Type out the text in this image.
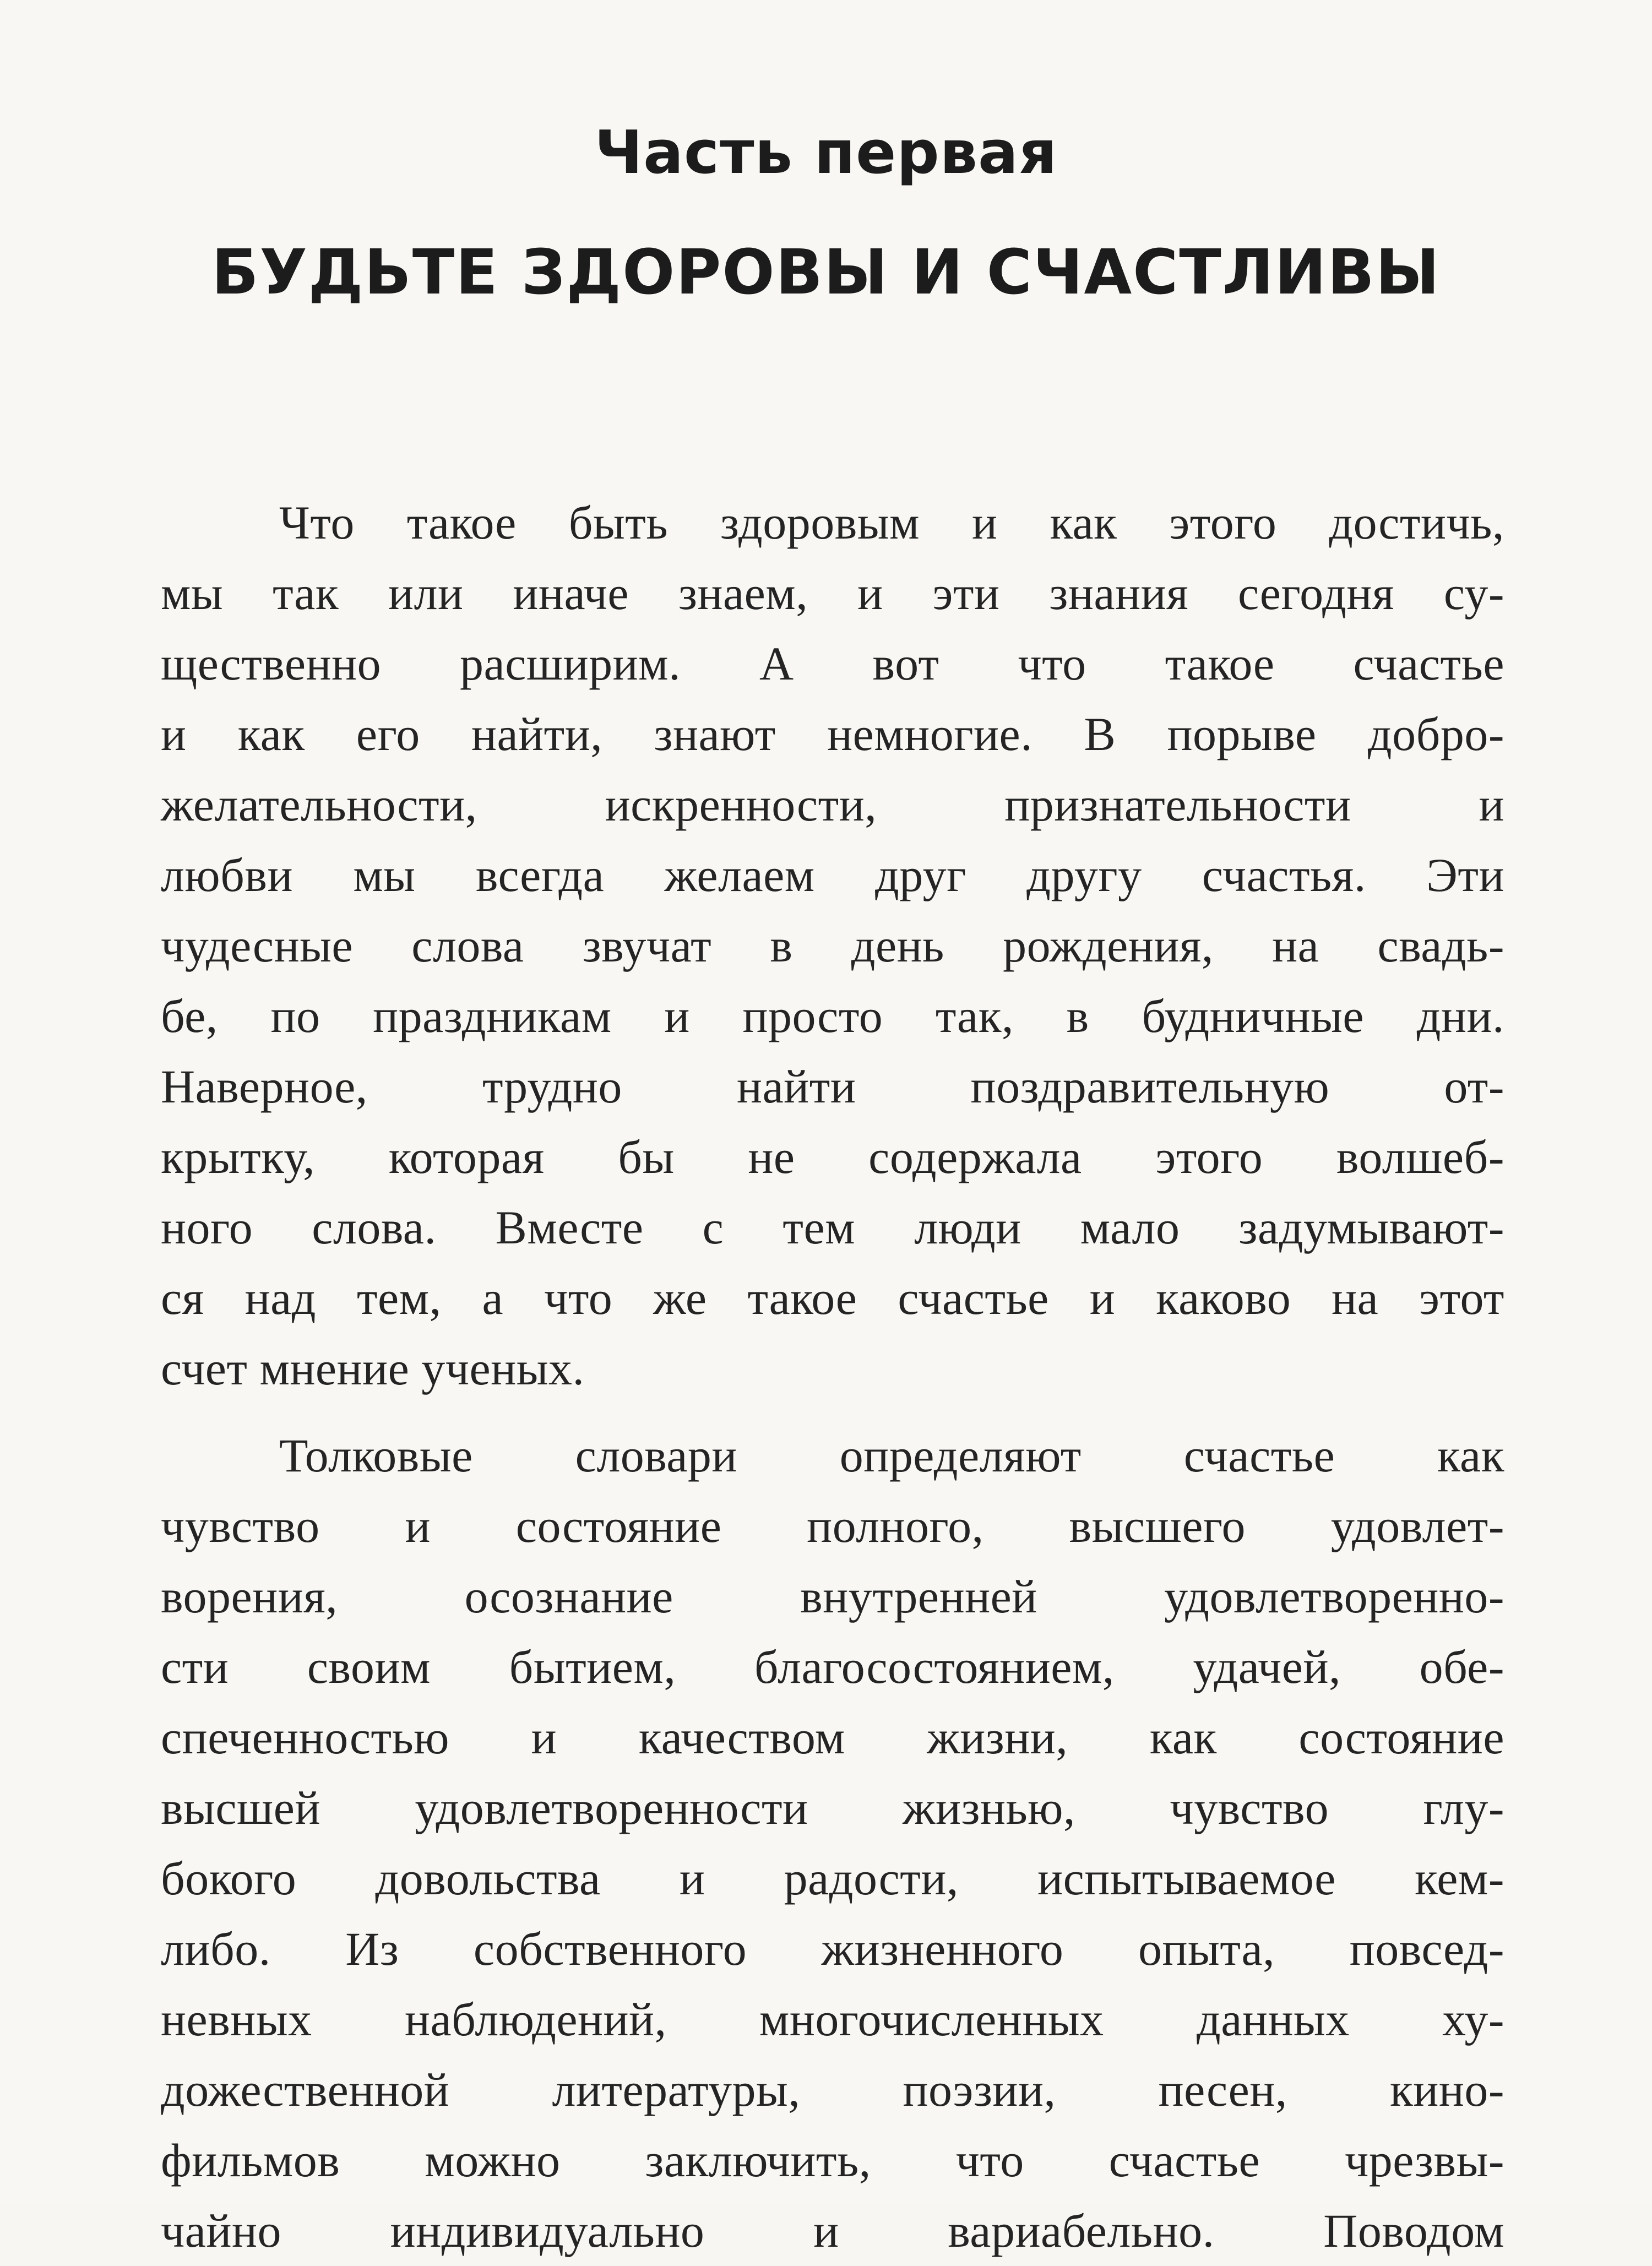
Часть первая
БУДЬТЕ ЗДОРОВЫ И СЧАСТЛИВЫ
Что такое быть здоровым и как этого достичь,
мы так или иначе знаем, и эти знания сегодня су-
щественно расширим. А вот что такое счастье
и как его найти, знают немногие. В порыве добро-
желательности, искренности, признательности и
любви мы всегда желаем друг другу счастья. Эти
чудесные слова звучат в день рождения, на свадь-
бе, по праздникам и просто так, в будничные дни.
Наверное, трудно найти поздравительную от-
крытку, которая бы не содержала этого волшеб-
ного слова. Вместе с тем люди мало задумывают-
ся над тем, а что же такое счастье и каково на этот
счет мнение ученых.
Толковые словари определяют счастье как
чувство и состояние полного, высшего удовлет-
ворения, осознание внутренней удовлетворенно-
сти своим бытием, благосостоянием, удачей, обе-
спеченностью и качеством жизни, как состояние
высшей удовлетворенности жизнью, чувство глу-
бокого довольства и радости, испытываемое кем-
либо. Из собственного жизненного опыта, повсед-
невных наблюдений, многочисленных данных ху-
дожественной литературы, поэзии, песен, кино-
фильмов можно заключить, что счастье чрезвы-
чайно индивидуально и вариабельно. Поводом
